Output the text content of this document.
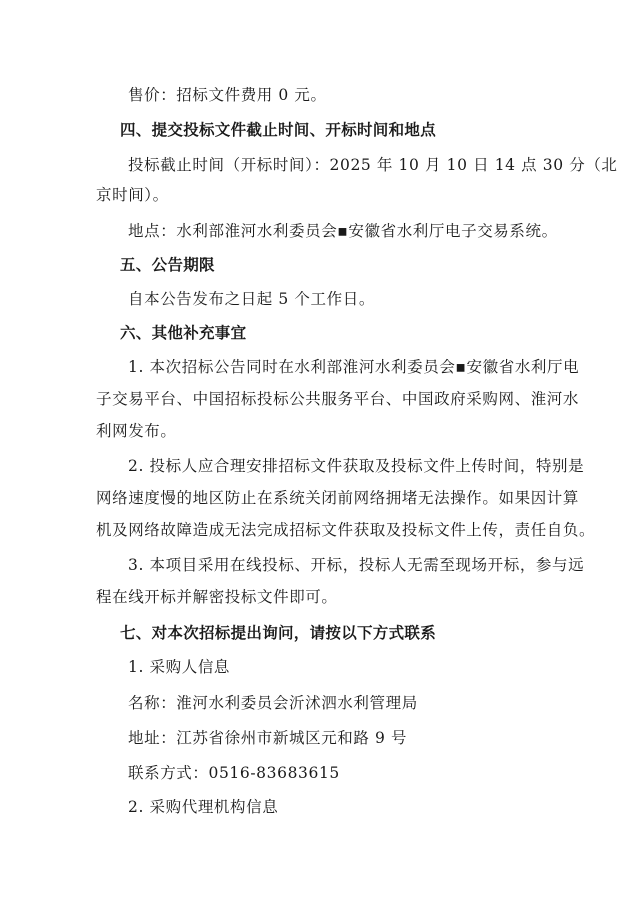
售价：招标文件费用 0 元。
四、提交投标文件截止时间、开标时间和地点
投标截止时间（开标时间）：2025 年 10 月 10 日 14 点 30 分（北
京时间）。
地点：水利部淮河水利委员会▪安徽省水利厅电子交易系统。
五、公告期限
自本公告发布之日起 5 个工作日。
六、其他补充事宜
1. 本次招标公告同时在水利部淮河水利委员会▪安徽省水利厅电
子交易平台、中国招标投标公共服务平台、中国政府采购网、淮河水
利网发布。
2. 投标人应合理安排招标文件获取及投标文件上传时间，特别是
网络速度慢的地区防止在系统关闭前网络拥堵无法操作。如果因计算
机及网络故障造成无法完成招标文件获取及投标文件上传，责任自负。
3. 本项目采用在线投标、开标，投标人无需至现场开标，参与远
程在线开标并解密投标文件即可。
七、对本次招标提出询问，请按以下方式联系
1. 采购人信息
名称：淮河水利委员会沂沭泗水利管理局
地址：江苏省徐州市新城区元和路 9 号
联系方式：0516-83683615
2. 采购代理机构信息
